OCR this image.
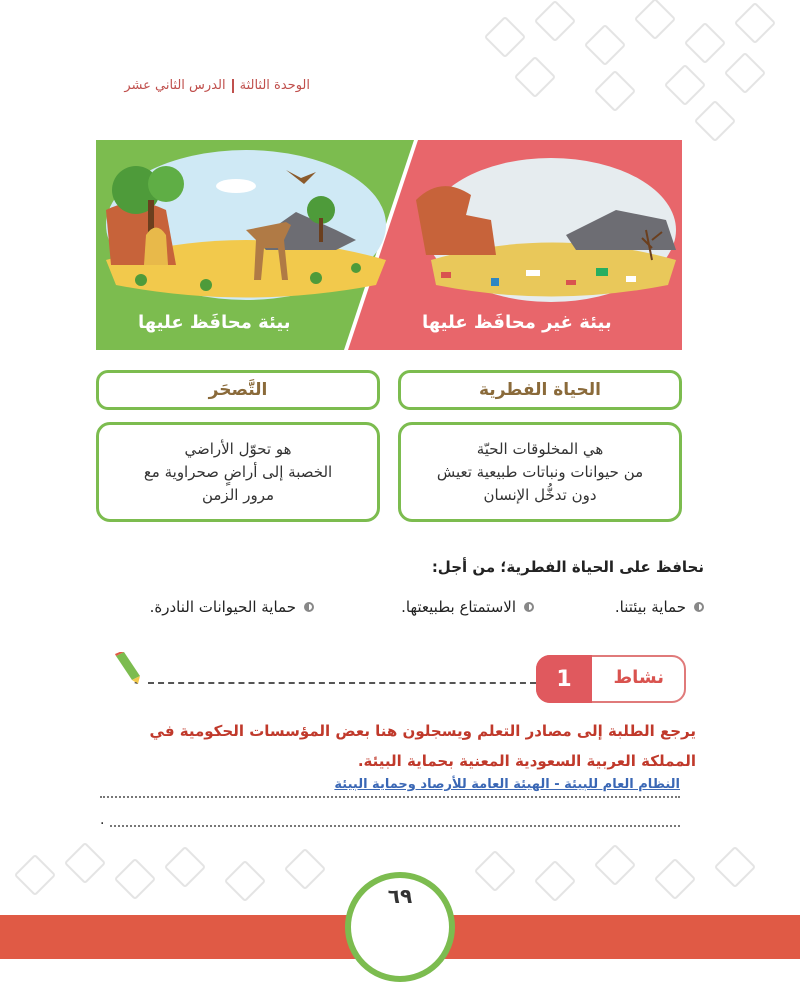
الوحدة الثالثةالدرس الثاني عشر
بيئة محافَظ عليها	بيئة غير محافَظ عليها
الحياة الفطرية
هي المخلوقات الحيّة
من حيوانات ونباتات طبيعية تعيش
دون تدخُّل الإنسان
التَّصحَر
هو تحوّل الأراضي
الخصبة إلى أراضٍ صحراوية مع
مرور الزمن
نحافظ على الحياة الفطرية؛ من أجل:
حماية بيئتنا.
الاستمتاع بطبيعتها.
حماية الحيوانات النادرة.
نشاط
1
يرجع الطلبة إلى مصادر التعلم ويسجلون هنا بعض المؤسسات الحكومية في
المملكة العربية السعودية المعنية بحماية البيئة.
النظام العام للبيئة - الهيئة العامة للأرصاد وحماية البيئة
.
٦٩
